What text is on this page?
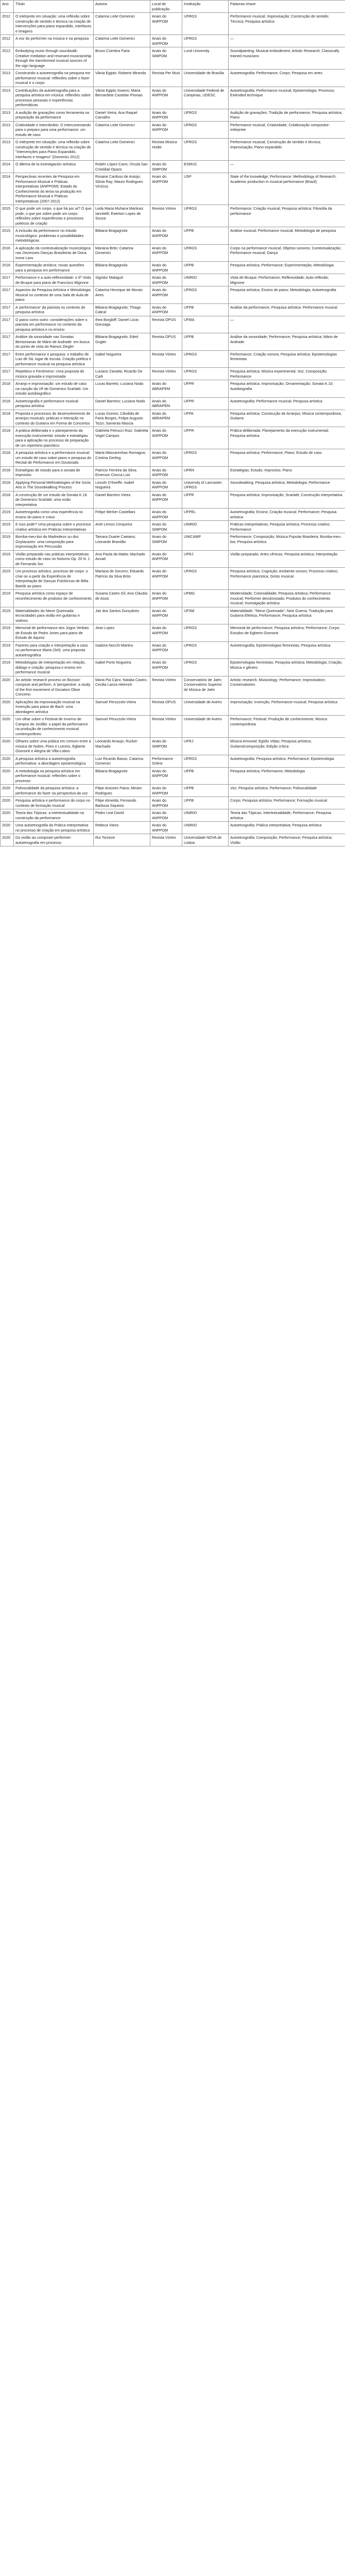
Ano	Título	Autoria	Local de publicação	Instituição	Palavras-chave
2012	O intérprete em situação: uma reflexão sobre construção de sentido e técnica na criação de intervenções para piano expandido, interfaces e imagens	Catarina Leite Domenici	Anais do ANPPOM	UFRGS	Performance musical; Improvisação; Construção de sentido; Técnica; Pesquisa artística
2012	A voz do performer na música e na pesquisa	Catarina Leite Domenici	Anais do ANPPOM	UFRGS	—
2012	Embodying music through soundwalk: Creative mediation and resonant musicianship through the transformed musical sources of the sign language	Bruno Coimbra Faria	Anais do SIMPOM	Lund University	Soundpainting; Musical embodiment; Artistic Research; Classically trained musicians
2013	Construindo a autoetnografia na pesquisa em performance musical: reflexões sobre o fazer musical e o corpo	Vânia Egipto; Roberto Miranda	Revista Per Musi	Universidade de Brasília	Autoetnografia; Performance; Corpo; Pesquisa em artes
2013	Contribuições da autoetnografia para a pesquisa artística em música: reflexões sobre processos pessoais e experiências performáticas	Vânia Egipto Soares; Maria Bernardete Castelan Póvoas	Anais do ANPPOM	Universidade Federal de Campinas, UDESC	Autoetnografia; Performance musical; Epistemologia; Processo; Extended technique
2013	A audição de gravações como ferramenta na preparação da performance	Daniel Vieira; Ana Raquel Carvalho	Anais do ANPPOM	UFRGS	Audição de gravações; Tradição de performance; Pesquisa artística; Piano
2013	Criatividade e intercâmbio: O Interconectando para o preparo para uma performance: um estudo de caso	Catarina Leite Domenici	Anais do ANPPOM	UFRGS	Performance musical; Criatividade; Colaboração compositor-intérprete
2013	O intérprete em situação: uma reflexão sobre construção de sentido e técnica na criação de "Intervenções para Piano Expandido, Interfaces e Imagens" (Domenici 2012)	Catarina Leite Domenici	Revista Música Hodie	UFRGS	Performance musical; Construção de sentido e técnica; Improvisação; Piano expandido
2014	O dilema de la investigación artística	Rubén López-Cano; Úrsula San Cristóbal Opazo	Anais do SIMPOM	ESMUC	—
2014	Perspectivas recentes de Pesquisa em Performance Musical e Práticas Interpretativas (ANPPOM): Estado do Conhecimento do tema na produção em Performance Musical e Práticas Interpretativas (2007-2012)	Rosane Cardoso de Araújo; Sônia Ray; Mauro Rodrigues Vinícius	Anais do ANPPOM	USP	State of the knowledge; Performance; Methodology of Research; Academic production in musical performance (Brazil)
2015	O que pode um corpo, o que há por aí? O que pode, o que por sobre pode um corpo: reflexões sobre experiências e processos poéticos de criação	Leda Maria Muhana Martinez Iannitelli; Ewerton Lopes de Sousa	Revista Vórtex	UFRGS	Performance; Criação musical; Pesquisa artística; Filosofia da performance
2015	A inclusão da performance no estudo musicológico: problemas e possibilidades metodológicas	Bibiana Bragagnolo	Anais do ANPPOM	UFPB	Análise musical; Performance musical; Metodologia de pesquisa
2016	A aplicação da contextualização musicológica nas Dezesseis Danças Brasileiras de Dona Ivone Lara	Mariana Brito; Catarina Domenici	Anais do ANPPOM	UFRGS	Corpo na performance musical; Objetos sonoros; Contextualização; Performance musical; Dança
2016	Experimentação artística: novas questões para a pesquisa em performance	Bibiana Bragagnolo	Anais do ANPPOM	UFPB	Pesquisa artística; Performance; Experimentação; Metodologia
2017	Performance e a auto-reflexividade: o 6º Viola de Bruque para piano de Francisco Mignone	Sigridur Malaguti	Anais do ANPPOM	UNIRIO	Viola de Bruque; Performance; Reflexividade; Auto-reflexão; Mignone
2017	Aspectos da Pesquisa Artística e Metodologia Musical no contexto de uma Sala de Aula de piano	Catarina Henrique de Morais Aires	Anais do ANPPOM	UFRGS	Pesquisa artística; Ensino de piano; Metodologia; Autoetnografia
2017	A 'performance' da pianista no contexto de pesquisa artística	Bibiana Bragagnolo; Thiago Cabral	Anais do ANPPOM	UFPB	Análise da performance; Pesquisa artística; Performance musical
2017	O piano como outro: considerações sobre o pianista em performance no contexto da pesquisa artística e no ensino	Ihea Borgloff; Daniel Lúcio Gonzaga	Revista OPUS	UFMA	—
2017	Análise da sonoridade nas Sonatas Bentonianas de Mário de Andrade: em busca do ponto de vista do Ramos Ziegler	Bibiana Bragagnolo; Ederl Gugler	Revista OPUS	UFPB	Análise da sonoridade; Performance; Pesquisa artística; Mário de Andrade
2017	Entre performance e pesquisa: o trabalho de Luiz de Sá, lugar de escuta. Criação poética e performance musical na pesquisa artística	Isabel Nogueira	Revista Vórtex	UFRGS	Performance; Criação sonora; Pesquisa artística; Epistemologias feministas
2017	Repetitivo e Fenômeno: Uma proposta de música gravada e improvisada	Luciano Zanatta; Ricardo De Carli	Revista Vórtex	UFRGS	Pesquisa artística; Música experimental; Voz; Composição; Performance
2018	Arranjo e improvisação: um estudo de caso na canção da Vê de Domenico Scarlatti: Um estudo autobiográfico	Lucas Barreto; Luciana Noda	Anais do ABRAPEM	UFPR	Pesquisa artística; Improvisação; Ornamentação; Sonata K.10; Autobiografia
2018	Autoetnografia e performance musical: pesquisa artística	Daniel Barreiro; Luciana Noda	Anais do ABRAPEM	UFPR	Autoetnografia; Performance musical; Pesquisa artística
2018	Proposta e processos de desenvolvimento de arranjos musicais: práticas e interação no contexto do Guitarra em Forma de Concertos	Lucas Gomes; Cândida de Faria Borges; Felipe Augusto Tozzi; Samenta Mascia	Anais do ABRAPEM	UFPA	Pesquisa artística; Construção de Arranjos; Música contemporânea; Guitarra
2018	A prática deliberada e o planejamento da execução instrumental: estudo e estratégias para a aplicação no processo de preparação de um repertório pianístico	Gabriela Petrucci Ruiz; Gabriela Vogel Campos	Anais do ANPPOM	UFPR	Prática deliberada; Planejamento da execução instrumental; Pesquisa artística
2018	A pesquisa artística e a performance musical: um estudo de caso sobre piano e pesquisa do Recital de Performance em Doutorado	Maria Mascarenhas Romagna; Cristina Gerling	Anais do ANPPOM	UFRGS	Pesquisa artística; Performance; Piano; Estudo de caso
2018	Estratégias de estudo para a sonata de improviso	Patrício Ferreira da Silva; Emerson Ciocca Luiz	Anais do ANPPOM	UFRN	Estratégias; Estudo; Improviso; Piano
2018	Applying Personal Methodologies of the Sonic Arts in The Soundwalking Process	Lincoln D'Keeffe; Isabel Nogueira	Anais do ANPPOM	University of Lancaster; UFRGS	Soundwalking; Pesquisa artística; Metodologia; Performance
2018	A construção de um estudo da Sonata K.18 de Domenico Scarlatti: uma visão interpretativa	Daniel Barreiro Vieira	Anais do ANPPOM	UFPR	Pesquisa artística; Improvisação; Scarlatti; Construção interpretativa
2019	Autoetnografia como uma experiência no ensino do piano e cravo	Felipe Merker Castellani	Anais do ANPPOM	UFPEL	Autoetnografia; Ensino; Criação musical; Performance; Pesquisa artística
2019	E isso pode? Uma pesquisa sobre o processo criativo artística em Práticas Interpretativas	Ariel Lemos Cerqueira	Anais do SIMPOM	UNIRIO	Práticas interpretativas; Pesquisa artística; Processo criativo; Performance
2019	Bomba-meu-boi da Madredeus ou dos Goytacazes: uma composição para improvisação em Percussão	Tamara Duarte Caetano; Leonardo Brandão	Anais do SIMPOM	UNICAMP	Performance; Composição; Música Popular Brasileira; Bumba-meu-boi; Pesquisa artística
2019	Violão preparado nas práticas interpretativas como estudo de caso no Noturno Op. 20 N. 1 de Fernando Sor	Ana Paula da Matta; Machado Avvad	Anais do ANPPOM	UFRJ	Violão preparado; Artes cênicas; Pesquisa artística; Interpretação
2019	Um processo artístico, processo de corpo: o criar-se a partir da Experiência de Interpretação de Danças Folclóricas de Béla Bartók ao piano	Mariana de Socorro; Eduardo Patrício da Silva Brito	Anais do ANPPOM	UFRGS	Pesquisa artística; Cognição; Ambiente sonoro; Processo criativo; Performance pianística; Gesto musical
2019	Pesquisa artística como espaço de reconhecimento de produtos de conhecimento	Susana Castro Gil; Ana Cláudia de Assis	Anais do ANPPOM	UFMG	Modernidade; Colonialidade; Pesquisa artística; Performance musical; Performer decolonizado; Produtos do conhecimento musical; Investigação artística
2019	Materialidades do Nieve Queimada: tecnicidades para violão em guitarras e violinos	Jair dos Santos Gonçalves	Anais do ANPPOM	UFSM	Materialidade; "Nieve Queimada"; Nine Guerra; Tradução para Guitarra Elétrica; Performance; Pesquisa artística
2019	Memorial de performance dos Jogos Verbais de Estudo de Pedro Jones para piano de Estudo de Aquino	Jean Lopes	Anais do ANPPOM	UFRGS	Memorial de performance; Pesquisa artística; Performance; Corpo; Estudos de Egberto Gismonti
2019	Fazeres para criação e interpretação a caso no performance Maria (Sel): uma proposta autoetnográfica	Isadora Nocchi Martins	Anais do ANPPOM	UFRGS	Autoetnografia; Epistemologias feministas; Pesquisa artística
2019	Metodologias de interpretação em relação, diálogo e criação: pesquisa e ensino em performance musical	Isabel Porto Nogueira	Anais do ANPPOM	UFRGS	Epistemologias feministas; Pesquisa artística; Metodologia; Criação; Música e gênero
2020	An artistic research process on Bonsoir: compose and perform. A 'perspective: a study of the first movement of Donatoni Oboe Concerto	Maria Pia Cipro; Natalia Castro; Cecilia Lanza Heinrich	Revista Vórtex	Conservatório de Jaén; Conservatório Superior de Música de Jaén	Artistic research; Musicology; Performance; Improvisation; Conservatoires
2020	Aplicações da improvisação musical na Invenção para piano de Bach: uma abordagem artística	Samuel Peruzzolo-Vieira	Revista OPUS	Universidade de Aveiro	Improvisação; Invenção; Performance musical; Pesquisa artística
2020	Um olhar sobre o Festival de Inverno de Campos do Jordão: o papel da performance na produção de conhecimento musical contemporâneo	Samuel Peruzzolo-Vieira	Revista Vórtex	Universidade de Aveiro	Performance; Festival; Produção de conhecimento; Música contemporânea
2020	Olhares sobre uma prática em comum entre a música de Nobre, Pires e Lumino, Egberto Gismonti e Alegria de Villa-Lobos	Leonardo Arraujo; Rucker Machado	Anais do SIMPOM	UFRJ	Música Armorial; Egídio Vidas; Pesquisa artística; Guitarra/composição; Edição crítica
2020	A pesquisa artística a autoetnografia performativa: a abordagem epistemológica	Luiz Ricardo Basso; Catarina Domenici	Performance Online	UFRGS	Autoetnografia; Pesquisa artística; Performance; Epistemologia
2020	A metodologia na pesquisa artística em performance musical: reflexões sobre o processo	Bibiana Bragagnolo	Anais do ANPPOM	UFPB	Pesquisa artística; Performance; Metodologia
2020	Polivocalidade da pesquisa artística: a performance do fazer na perspectiva da voz	Filipe Antunes Paiva; Miriam Rodrigues	Anais do ANPPOM	UFPB	Voz; Pesquisa artística; Performance; Polivocalidade
2020	Pesquisa artística e performance do corpo no contexto de formação musical	Filipe Almeida; Fernando Barbosa Siqueira	Anais do ANPPOM	UFPB	Corpo; Pesquisa artística; Performance; Formação musical
2020	Teoria das Tópicas: a intertextualidade na construção da performance	Pedro Leal David	Anais do ANPPOM	UNIRIO	Teoria das Tópicas; Intertextualidade; Performance; Pesquisa artística
2020	Uma autoetnografia da Prática Interpretativa no processo de criação em pesquisa artística	Rebeca Vieira	Anais do ANPPOM	UNIRIO	Autoetnografia; Prática interpretativa; Pesquisa artística
2020	Do violão ao composer-performer: autoetnografia em processo	Rui Torneze	Revista Vórtex	Universidade NOVA de Lisboa	Autoetnografia; Composição; Performance; Pesquisa artística; Violão
